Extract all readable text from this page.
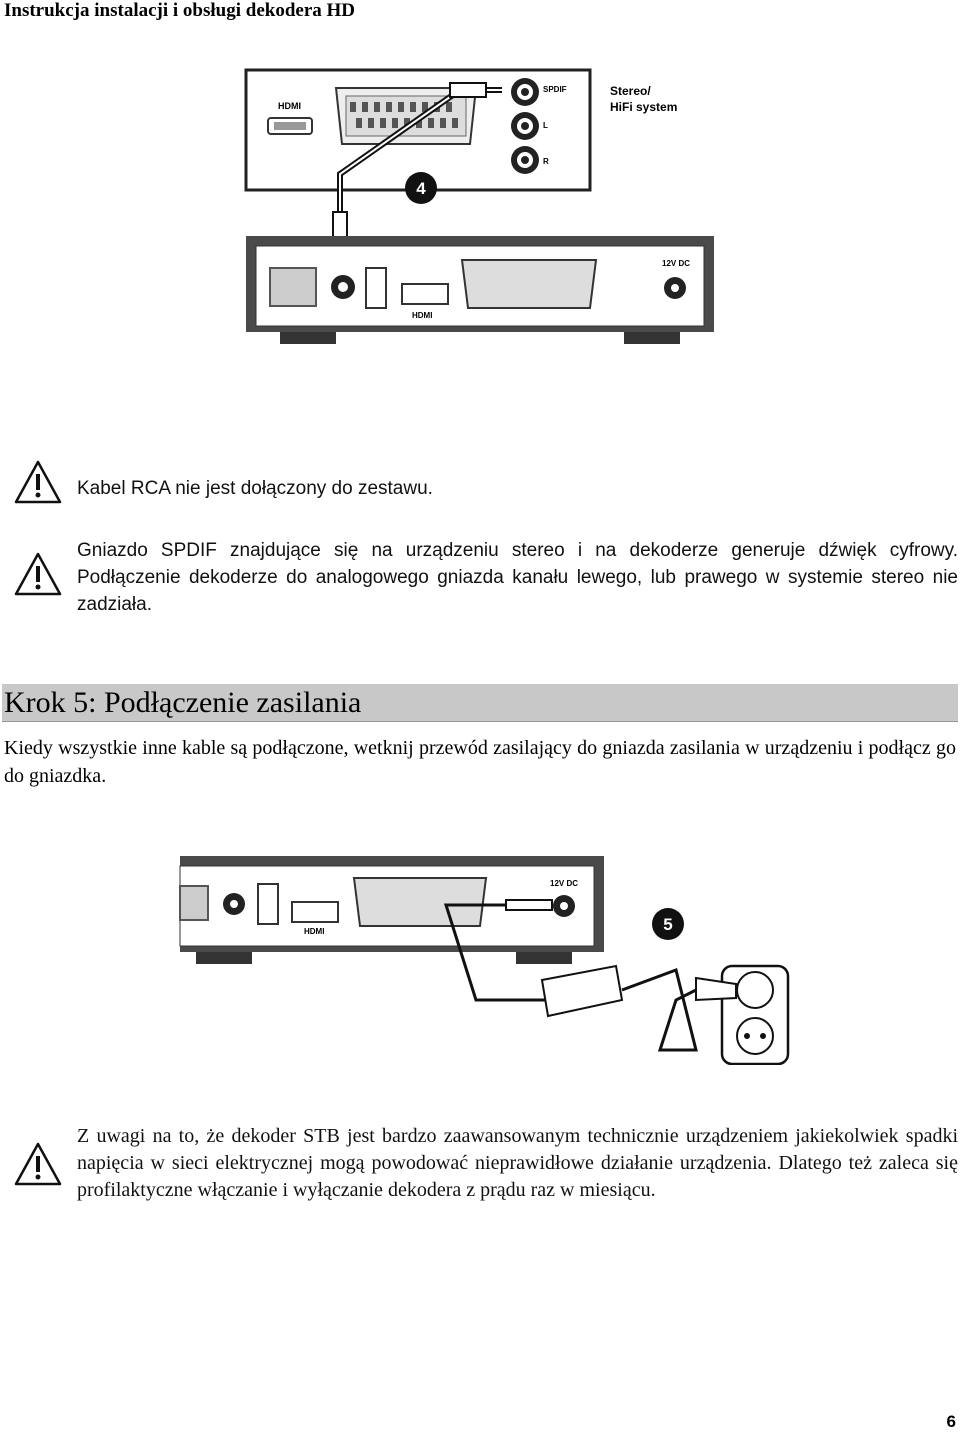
Instrukcja instalacji i obsługi dekodera HD
HDMI
SPDIF
L
R
Stereo/
HiFi system
4
HDMI
12V DC
Kabel RCA nie jest dołączony do zestawu.
Gniazdo SPDIF znajdujące się na urządzeniu stereo i na dekoderze generuje dźwięk cyfrowy. Podłączenie dekoderze do analogowego gniazda kanału lewego, lub prawego w systemie stereo nie zadziała.
Krok 5: Podłączenie zasilania
Kiedy wszystkie inne kable są podłączone, wetknij przewód zasilający do gniazda zasilania w urządzeniu i podłącz go do gniazdka.
HDMI
12V DC
5
Z uwagi na to, że dekoder STB jest bardzo zaawansowanym technicznie urządzeniem jakiekolwiek spadki napięcia w sieci elektrycznej mogą powodować nieprawidłowe działanie urządzenia. Dlatego też zaleca się profilaktyczne włączanie i wyłączanie dekodera z prądu raz w miesiącu.
6
